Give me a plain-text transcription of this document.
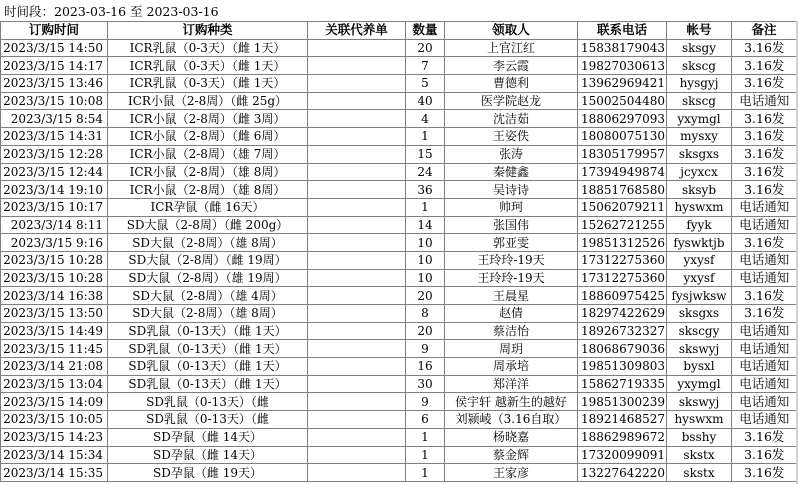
时间段：2023-03-16 至 2023-03-16
订购时间	订购种类	关联代养单	数量	领取人	联系电话	帐号	备注
2023/3/15 14:50	ICR乳鼠（0-3天）（雌 1天）		20	上官江红	15838179043	sksgy	3.16发
2023/3/15 14:17	ICR乳鼠（0-3天）（雌 1天）		7	李云霞	19827030613	skscg	3.16发
2023/3/15 13:46	ICR乳鼠（0-3天）（雌 1天）		5	曹德利	13962969421	hysgyj	3.16发
2023/3/15 10:08	ICR小鼠（2-8周）（雌 25g）		40	医学院赵龙	15002504480	skscg	电话通知
2023/3/15 8:54	ICR小鼠（2-8周）（雌 3周）		4	沈洁茹	18806297093	yxymgl	3.16发
2023/3/15 14:31	ICR小鼠（2-8周）（雌 6周）		1	王姿佚	18080075130	mysxy	3.16发
2023/3/15 12:28	ICR小鼠（2-8周）（雄 7周）		15	张涛	18305179957	sksgxs	3.16发
2023/3/15 12:44	ICR小鼠（2-8周）（雄 8周）		24	秦健鑫	17394949874	jcyxcx	3.16发
2023/3/14 19:10	ICR小鼠（2-8周）（雄 8周）		36	吴诗诗	18851768580	sksyb	3.16发
2023/3/15 10:17	ICR孕鼠（雌 16天）		1	帅珂	15062079211	hyswxm	电话通知
2023/3/14 8:11	SD大鼠（2-8周）（雌 200g）		14	张国伟	15262721255	fyyk	电话通知
2023/3/15 9:16	SD大鼠（2-8周）（雄 8周）		10	郭亚雯	19851312526	fyswktjb	3.16发
2023/3/15 10:28	SD大鼠（2-8周）（雌 19周）		10	王玲玲-19天	17312275360	yxysf	电话通知
2023/3/15 10:28	SD大鼠（2-8周）（雄 19周）		10	王玲玲-19天	17312275360	yxysf	电话通知
2023/3/14 16:38	SD大鼠（2-8周）（雄 4周）		20	王晨星	18860975425	fysjwksw	3.16发
2023/3/15 13:50	SD大鼠（2-8周）（雄 8周）		8	赵倩	18297422629	sksgxs	3.16发
2023/3/15 14:49	SD乳鼠（0-13天）（雌 1天）		20	蔡洁怡	18926732327	skscgy	电话通知
2023/3/15 11:45	SD乳鼠（0-13天）（雌 1天）		9	周玥	18068679036	skswyj	电话通知
2023/3/14 21:08	SD乳鼠（0-13天）（雌 1天）		16	周承培	19851309803	bysxl	电话通知
2023/3/15 13:04	SD乳鼠（0-13天）（雌 1天）		30	郑洋洋	15862719335	yxymgl	电话通知
2023/3/15 14:09	SD乳鼠（0-13天）（雌		9	侯宇轩 越新生的越好	19851300239	skswyj	电话通知
2023/3/15 10:05	SD乳鼠（0-13天）（雌		6	刘颍崚（3.16自取）	18921468527	hyswxm	电话通知
2023/3/15 14:23	SD孕鼠（雌 14天）		1	杨晓嘉	18862989672	bsshy	3.16发
2023/3/14 15:34	SD孕鼠（雌 14天）		1	蔡金辉	17320099091	skstx	3.16发
2023/3/14 15:35	SD孕鼠（雌 19天）		1	王家彦	13227642220	skstx	3.16发
